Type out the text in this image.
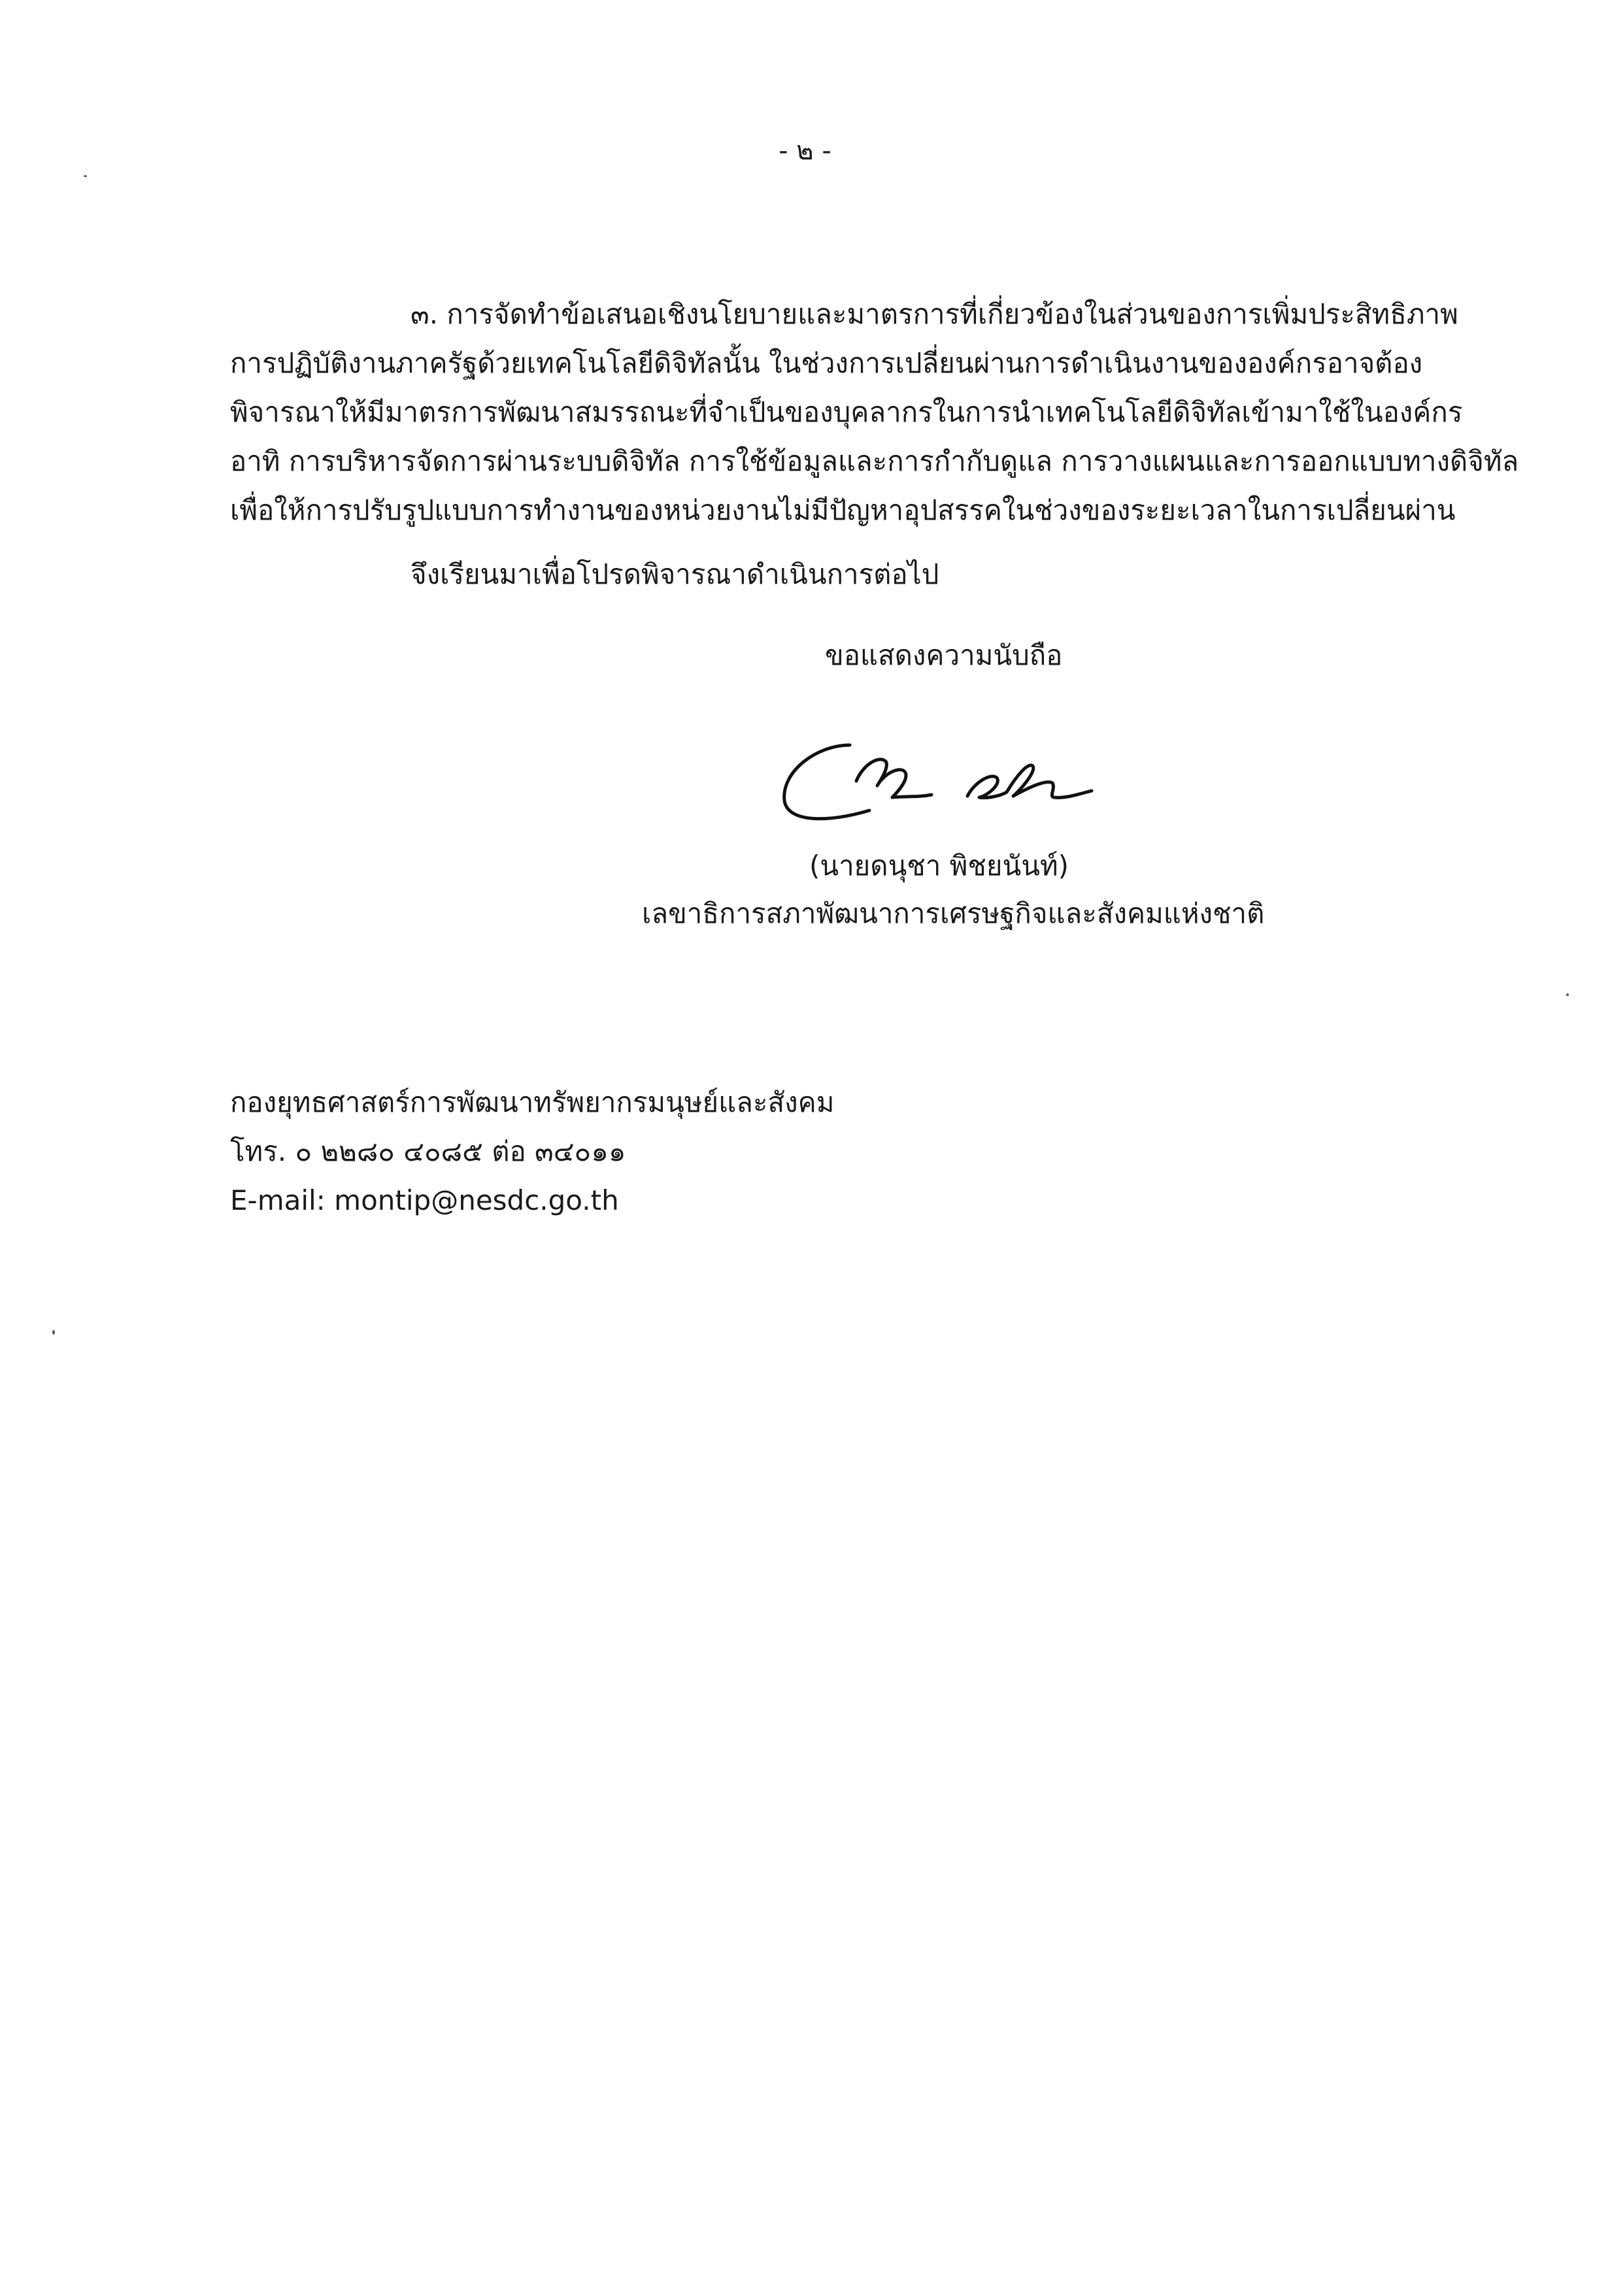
- ๒ -
๓. การจัดทำข้อเสนอเชิงนโยบายและมาตรการที่เกี่ยวข้องในส่วนของการเพิ่มประสิทธิภาพ
การปฏิบัติงานภาครัฐด้วยเทคโนโลยีดิจิทัลนั้น ในช่วงการเปลี่ยนผ่านการดำเนินงานขององค์กรอาจต้อง
พิจารณาให้มีมาตรการพัฒนาสมรรถนะที่จำเป็นของบุคลากรในการนำเทคโนโลยีดิจิทัลเข้ามาใช้ในองค์กร
อาทิ การบริหารจัดการผ่านระบบดิจิทัล การใช้ข้อมูลและการกำกับดูแล การวางแผนและการออกแบบทางดิจิทัล
เพื่อให้การปรับรูปแบบการทำงานของหน่วยงานไม่มีปัญหาอุปสรรคในช่วงของระยะเวลาในการเปลี่ยนผ่าน
จึงเรียนมาเพื่อโปรดพิจารณาดำเนินการต่อไป
ขอแสดงความนับถือ
(นายดนุชา พิชยนันท์)
เลขาธิการสภาพัฒนาการเศรษฐกิจและสังคมแห่งชาติ
กองยุทธศาสตร์การพัฒนาทรัพยากรมนุษย์และสังคม
โทร. ๐ ๒๒๘๐ ๔๐๘๕ ต่อ ๓๔๐๑๑
E-mail: montip@nesdc.go.th
